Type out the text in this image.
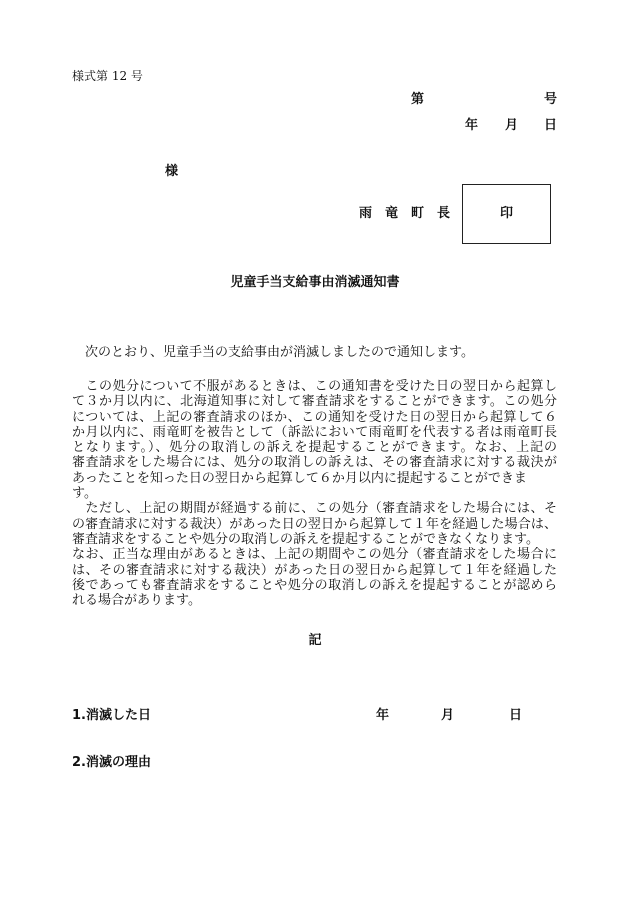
様式第 12 号
第	号
年 月 日
様
雨　竜　町　長	印
児童手当支給事由消滅通知書
　次のとおり、児童手当の支給事由が消滅しましたので通知します。
　この処分について不服があるときは、この通知書を受けた日の翌日から起算し
て３か月以内に、北海道知事に対して審査請求をすることができます。この処分
については、上記の審査請求のほか、この通知を受けた日の翌日から起算して６
か月以内に、雨竜町を被告として（訴訟において雨竜町を代表する者は雨竜町長
となります。）、処分の取消しの訴えを提起することができます。なお、上記の
審査請求をした場合には、処分の取消しの訴えは、その審査請求に対する裁決が
あったことを知った日の翌日から起算して６か月以内に提起することができま
す。
　ただし、上記の期間が経過する前に、この処分（審査請求をした場合には、そ
の審査請求に対する裁決）があった日の翌日から起算して１年を経過した場合は、
審査請求をすることや処分の取消しの訴えを提起することができなくなります。
なお、正当な理由があるときは、上記の期間やこの処分（審査請求をした場合に
は、その審査請求に対する裁決）があった日の翌日から起算して１年を経過した
後であっても審査請求をすることや処分の取消しの訴えを提起することが認めら
れる場合があります。
記
1.消滅した日	年	月	日
2.消滅の理由
